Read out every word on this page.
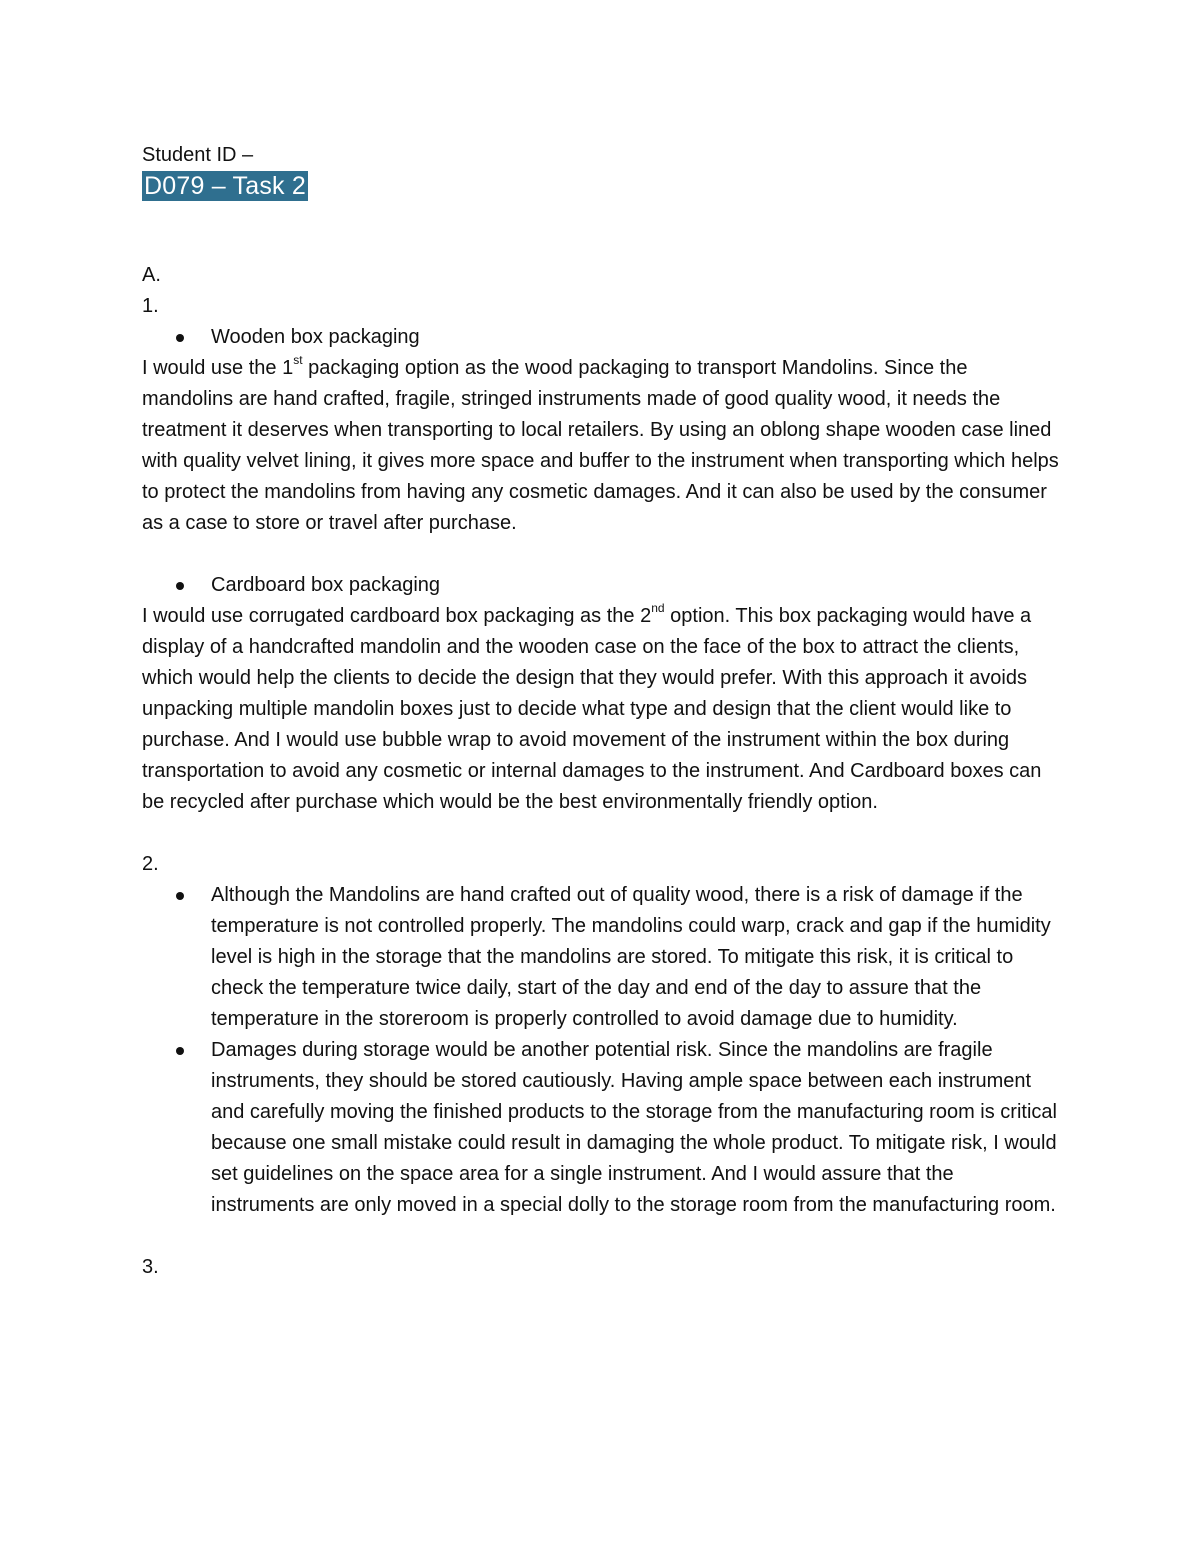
Student ID –
D079 – Task 2
A.
1.
Wooden box packaging

I would use the 1st packaging option as the wood packaging to transport Mandolins. Since the mandolins are hand crafted, fragile, stringed instruments made of good quality wood, it needs the treatment it deserves when transporting to local retailers. By using an oblong shape wooden case lined with quality velvet lining, it gives more space and buffer to the instrument when transporting which helps to protect the mandolins from having any cosmetic damages. And it can also be used by the consumer as a case to store or travel after purchase.

Cardboard box packaging

I would use corrugated cardboard box packaging as the 2nd option. This box packaging would have a display of a handcrafted mandolin and the wooden case on the face of the box to attract the clients, which would help the clients to decide the design that they would prefer. With this approach it avoids unpacking multiple mandolin boxes just to decide what type and design that the client would like to purchase. And I would use bubble wrap to avoid movement of the instrument within the box during transportation to avoid any cosmetic or internal damages to the instrument. And Cardboard boxes can be recycled after purchase which would be the best environmentally friendly option.

2.
Although the Mandolins are hand crafted out of quality wood, there is a risk of damage if the temperature is not controlled properly. The mandolins could warp, crack and gap if the humidity level is high in the storage that the mandolins are stored. To mitigate this risk, it is critical to check the temperature twice daily, start of the day and end of the day to assure that the temperature in the storeroom is properly controlled to avoid damage due to humidity.
Damages during storage would be another potential risk. Since the mandolins are fragile instruments, they should be stored cautiously. Having ample space between each instrument and carefully moving the finished products to the storage from the manufacturing room is critical because one small mistake could result in damaging the whole product. To mitigate risk, I would set guidelines on the space area for a single instrument. And I would assure that the instruments are only moved in a special dolly to the storage room from the manufacturing room.
3.
